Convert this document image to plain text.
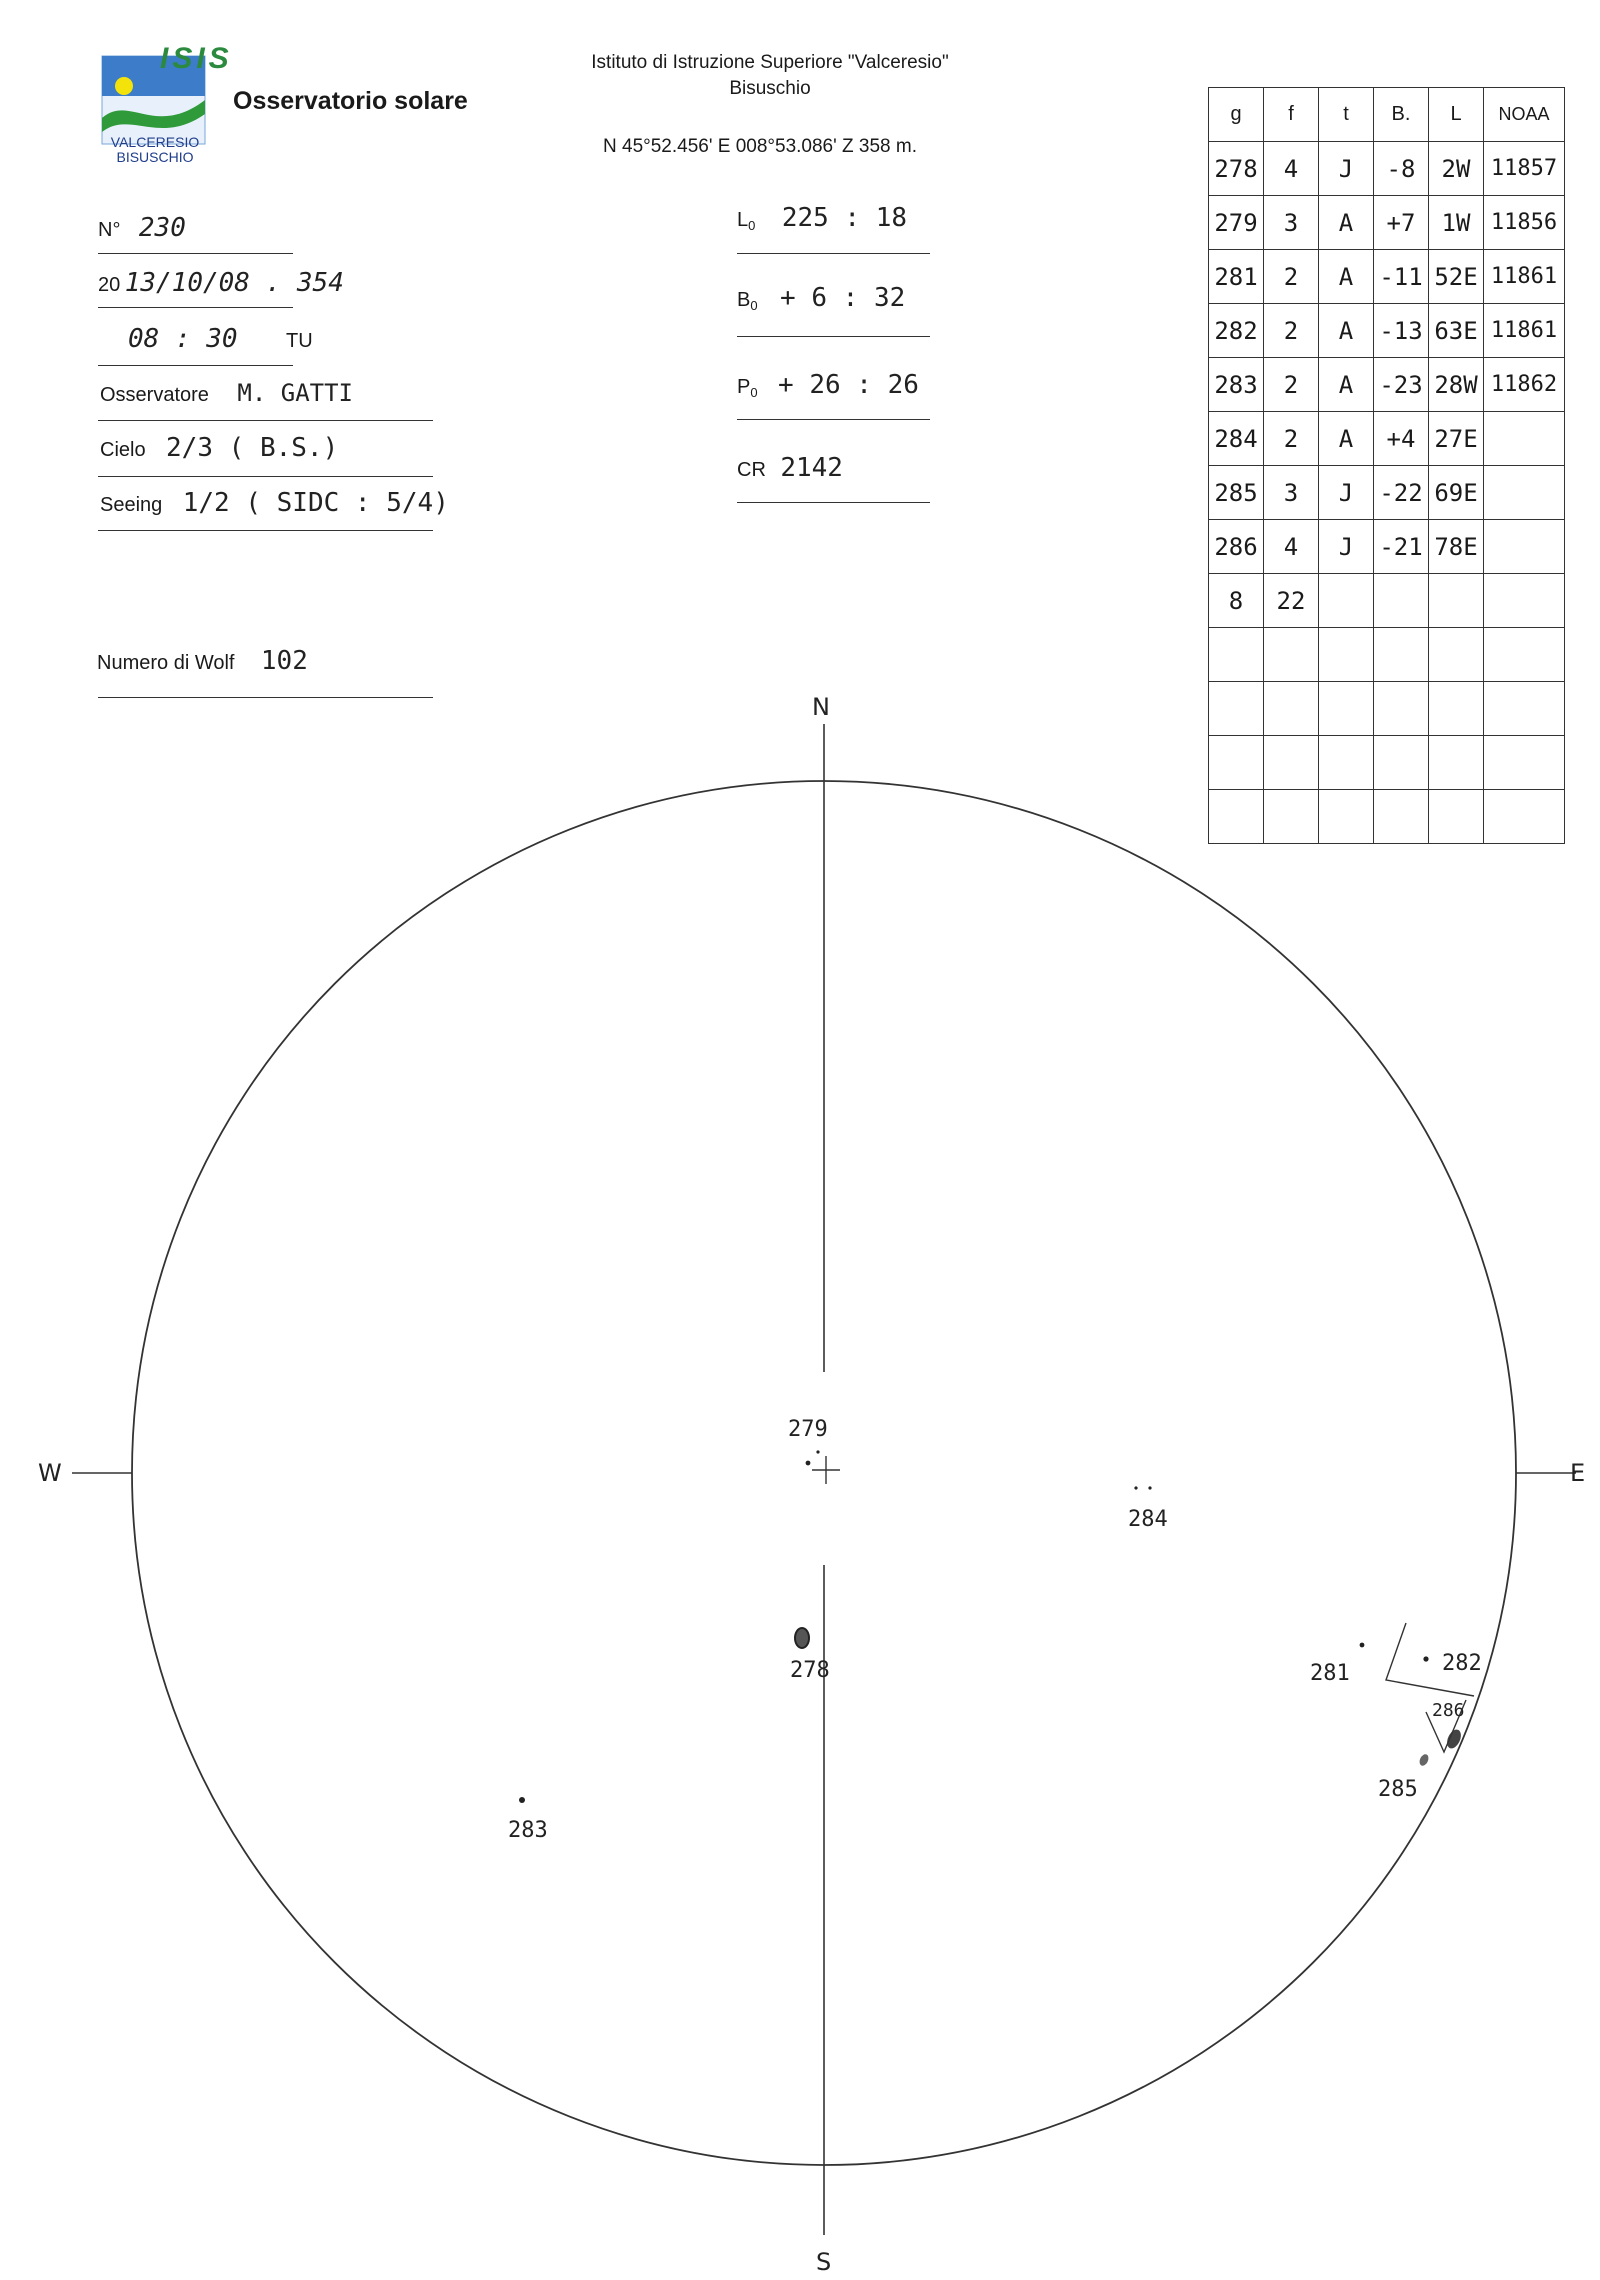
ISIS
VALCERESIO
BISUSCHIO
Osservatorio solare
Istituto di Istruzione Superiore "Valceresio"
Bisuschio
N 45°52.456' E 008°53.086' Z 358 m.
N° 230
20 13/10/08 . 354
08 : 30 TU
Osservatore M. GATTI
Cielo 2/3 ( B.S.)
Seeing 1/2 ( SIDC : 5/4)
Numero di Wolf 102
$L_0$ 225 : 18
$B_0 + 6$ : 32
$P_0 + 26$ : 26
CR 2142
g	f	t	B.	L	NOAA
278	4	J	-8	2W	11857
279	3	A	+7	1W	11856
281	2	A	-11	52E	11861
282	2	A	-13	63E	11861
283	2	A	-23	28W	11862
284	2	A	+4	27E	
285	3	J	-22	69E	
286	4	J	-21	78E	
8	22				

N
S
E
W
279
284
278	281	282
286
285
283
